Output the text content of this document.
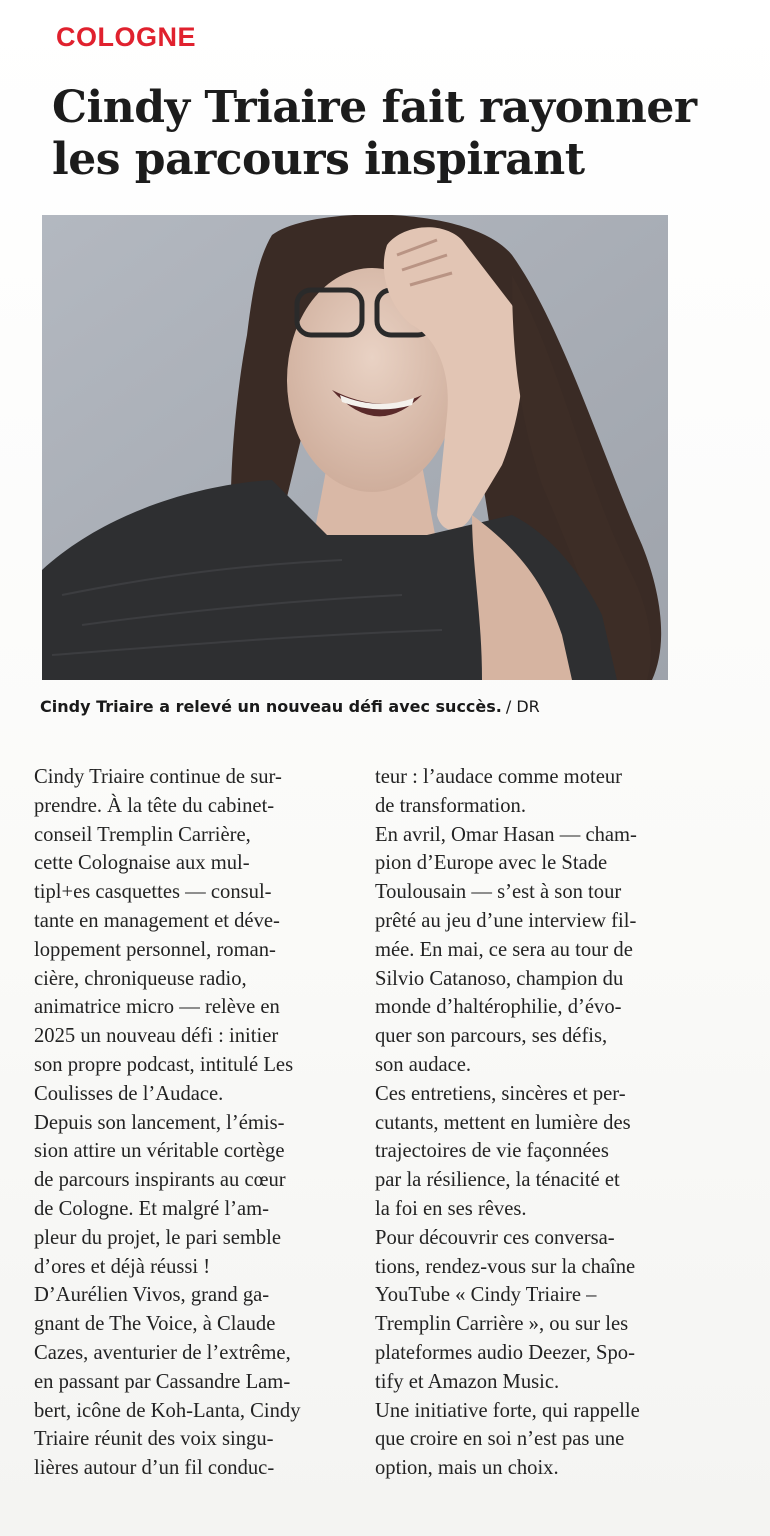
COLOGNE
Cindy Triaire fait rayonner
les parcours inspirant
Cindy Triaire a relevé un nouveau défi avec succès. / DR
Cindy Triaire continue de sur-
prendre. À la tête du cabinet-
conseil Tremplin Carrière,
cette Colognaise aux mul-
tipl+es casquettes — consul-
tante en management et déve-
loppement personnel, roman-
cière, chroniqueuse radio,
animatrice micro — relève en
2025 un nouveau défi : initier
son propre podcast, intitulé Les
Coulisses de l’Audace.
Depuis son lancement, l’émis-
sion attire un véritable cortège
de parcours inspirants au cœur
de Cologne. Et malgré l’am-
pleur du projet, le pari semble
d’ores et déjà réussi !
D’Aurélien Vivos, grand ga-
gnant de The Voice, à Claude
Cazes, aventurier de l’extrême,
en passant par Cassandre Lam-
bert, icône de Koh-Lanta, Cindy
Triaire réunit des voix singu-
lières autour d’un fil conduc-
teur : l’audace comme moteur
de transformation.
En avril, Omar Hasan — cham-
pion d’Europe avec le Stade
Toulousain — s’est à son tour
prêté au jeu d’une interview fil-
mée. En mai, ce sera au tour de
Silvio Catanoso, champion du
monde d’haltérophilie, d’évo-
quer son parcours, ses défis,
son audace.
Ces entretiens, sincères et per-
cutants, mettent en lumière des
trajectoires de vie façonnées
par la résilience, la ténacité et
la foi en ses rêves.
Pour découvrir ces conversa-
tions, rendez-vous sur la chaîne
YouTube « Cindy Triaire –
Tremplin Carrière », ou sur les
plateformes audio Deezer, Spo-
tify et Amazon Music.
Une initiative forte, qui rappelle
que croire en soi n’est pas une
option, mais un choix.
